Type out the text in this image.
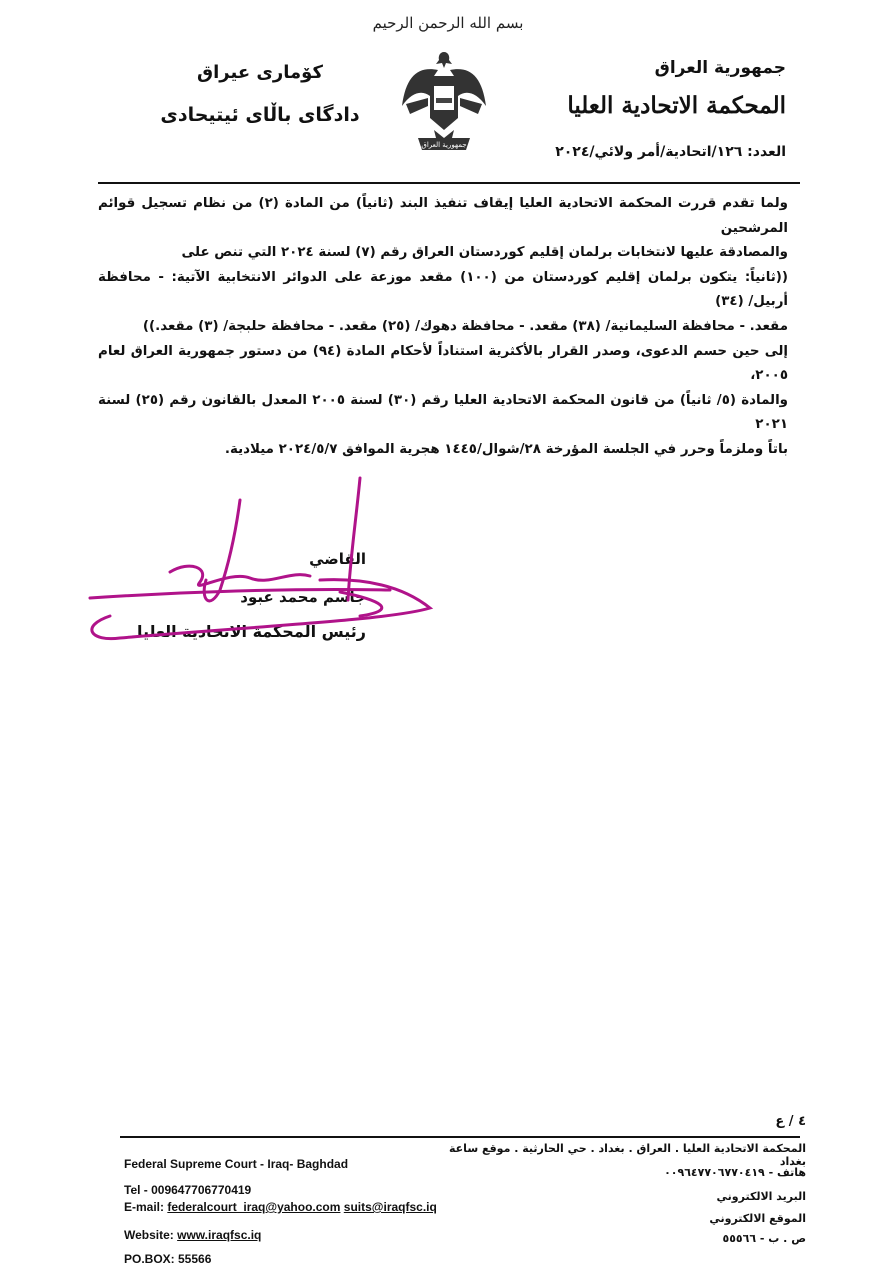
بسم الله الرحمن الرحيم
جمهورية العراق
المحكمة الاتحادية العليا
العدد: ١٢٦/اتحادية/أمر ولائي/٢٠٢٤
كۆمارى عيراق
دادگای باڵای ئیتیحادی
جمهورية العراق

ولما تقدم قررت المحكمة الاتحادية العليا إيقاف تنفيذ البند (ثانياً) من المادة (٢) من نظام تسجيل قوائم المرشحين

والمصادقة عليها لانتخابات برلمان إقليم كوردستان العراق رقم (٧) لسنة ٢٠٢٤ التي تنص على

((ثانياً: يتكون برلمان إقليم كوردستان من (١٠٠) مقعد موزعة على الدوائر الانتخابية الآتية: - محافظة أربيل/ (٣٤)

مقعد. - محافظة السليمانية/ (٣٨) مقعد. - محافظة دهوك/ (٢٥) مقعد. - محافظة حلبجة/ (٣) مقعد.))

إلى حين حسم الدعوى، وصدر القرار بالأكثرية استناداً لأحكام المادة (٩٤) من دستور جمهورية العراق لعام ٢٠٠٥،

والمادة (٥/ ثانياً) من قانون المحكمة الاتحادية العليا رقم (٣٠) لسنة ٢٠٠٥ المعدل بالقانون رقم (٢٥) لسنة ٢٠٢١

باتاً وملزماً وحرر في الجلسة المؤرخة ٢٨/شوال/١٤٤٥ هجرية الموافق ٢٠٢٤/٥/٧ ميلادية.

القاضي
جاسم محمد عبود
رئيس المحكمة الاتحادية العليا
٤ / ع
Federal Supreme Court - Iraq- Baghdad
Tel - 009647706770419
E-mail: federalcourt_iraq@yahoo.com suits@iraqfsc.iq
Website: www.iraqfsc.iq
PO.BOX: 55566
المحكمة الاتحادية العليا . العراق . بغداد . حي الحارثية . موقع ساعة بغداد
هاتف - ٠٠٩٦٤٧٧٠٦٧٧٠٤١٩
البريد الالكتروني
الموقع الالكتروني
ص . ب - ٥٥٥٦٦
